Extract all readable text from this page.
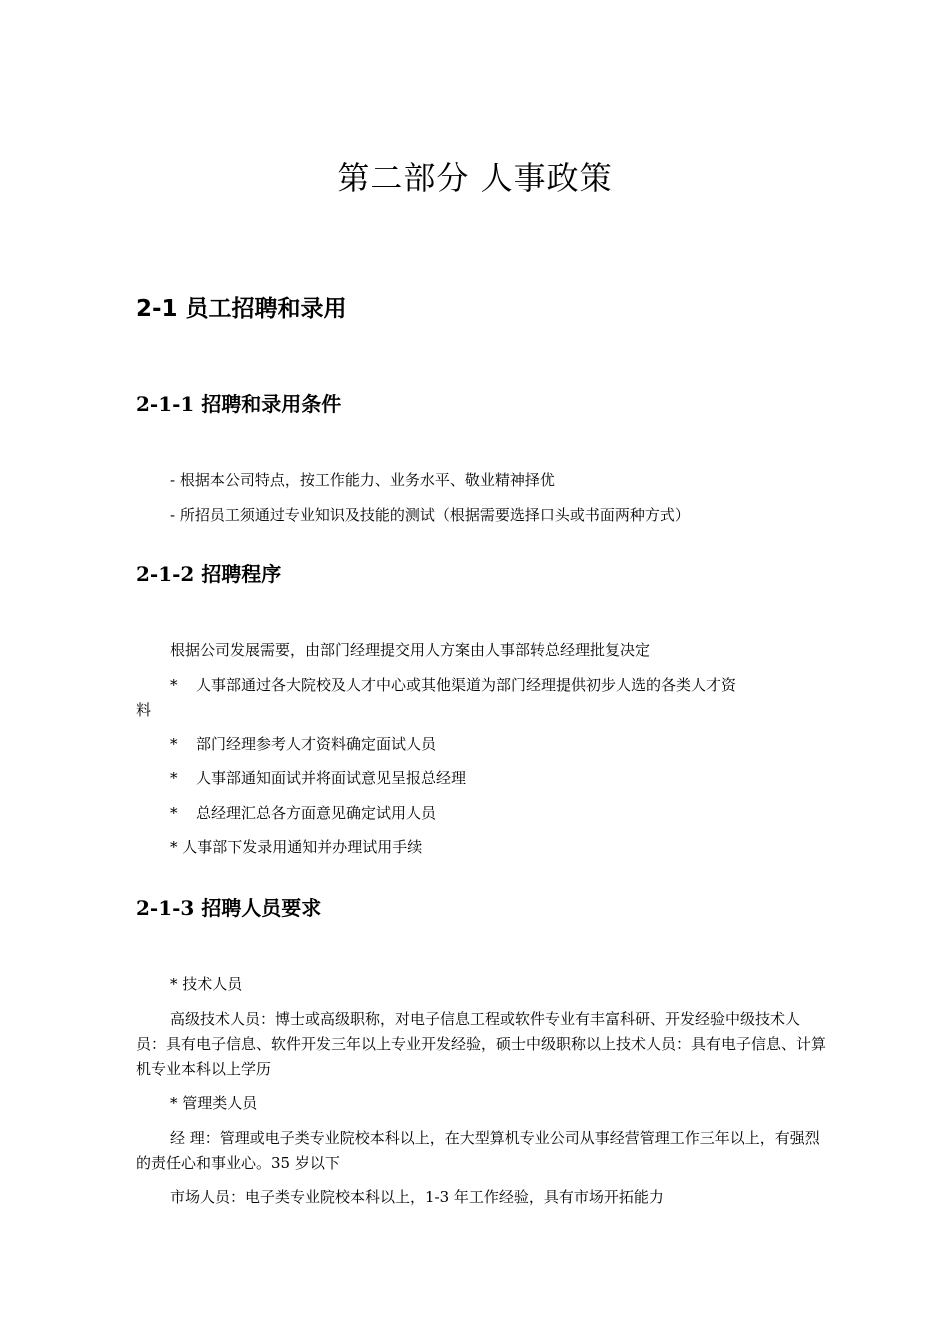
第二部分 人事政策
2-1 员工招聘和录用
2-1-1 招聘和录用条件
- 根据本公司特点，按工作能力、业务水平、敬业精神择优
- 所招员工须通过专业知识及技能的测试（根据需要选择口头或书面两种方式）
2-1-2 招聘程序
根据公司发展需要，由部门经理提交用人方案由人事部转总经理批复决定
* 人事部通过各大院校及人才中心或其他渠道为部门经理提供初步人选的各类人才资
料
* 部门经理参考人才资料确定面试人员
* 人事部通知面试并将面试意见呈报总经理
* 总经理汇总各方面意见确定试用人员
* 人事部下发录用通知并办理试用手续
2-1-3 招聘人员要求
* 技术人员
高级技术人员：博士或高级职称，对电子信息工程或软件专业有丰富科研、开发经验中级技术人员：具有电子信息、软件开发三年以上专业开发经验，硕士中级职称以上技术人员：具有电子信息、计算机专业本科以上学历
* 管理类人员
经 理：管理或电子类专业院校本科以上，在大型算机专业公司从事经营管理工作三年以上，有强烈的责任心和事业心。35 岁以下
市场人员：电子类专业院校本科以上，1-3 年工作经验，具有市场开拓能力
